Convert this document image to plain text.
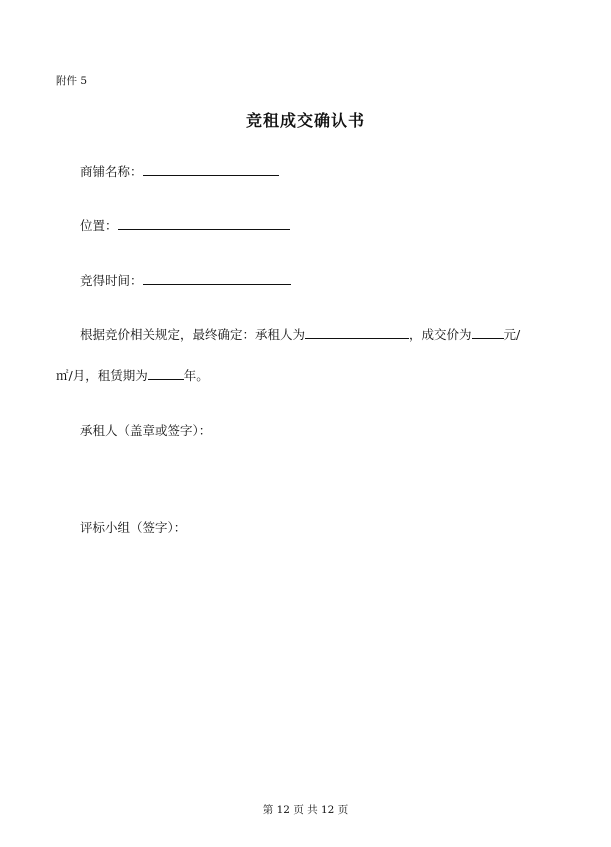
附件 5
竞租成交确认书
商铺名称：
位置：
竞得时间：
根据竞价相关规定，最终确定：承租人为	，成交价为	元/
㎡/月，租赁期为	年。
承租人（盖章或签字）：
评标小组（签字）：
第 12 页 共 12 页
